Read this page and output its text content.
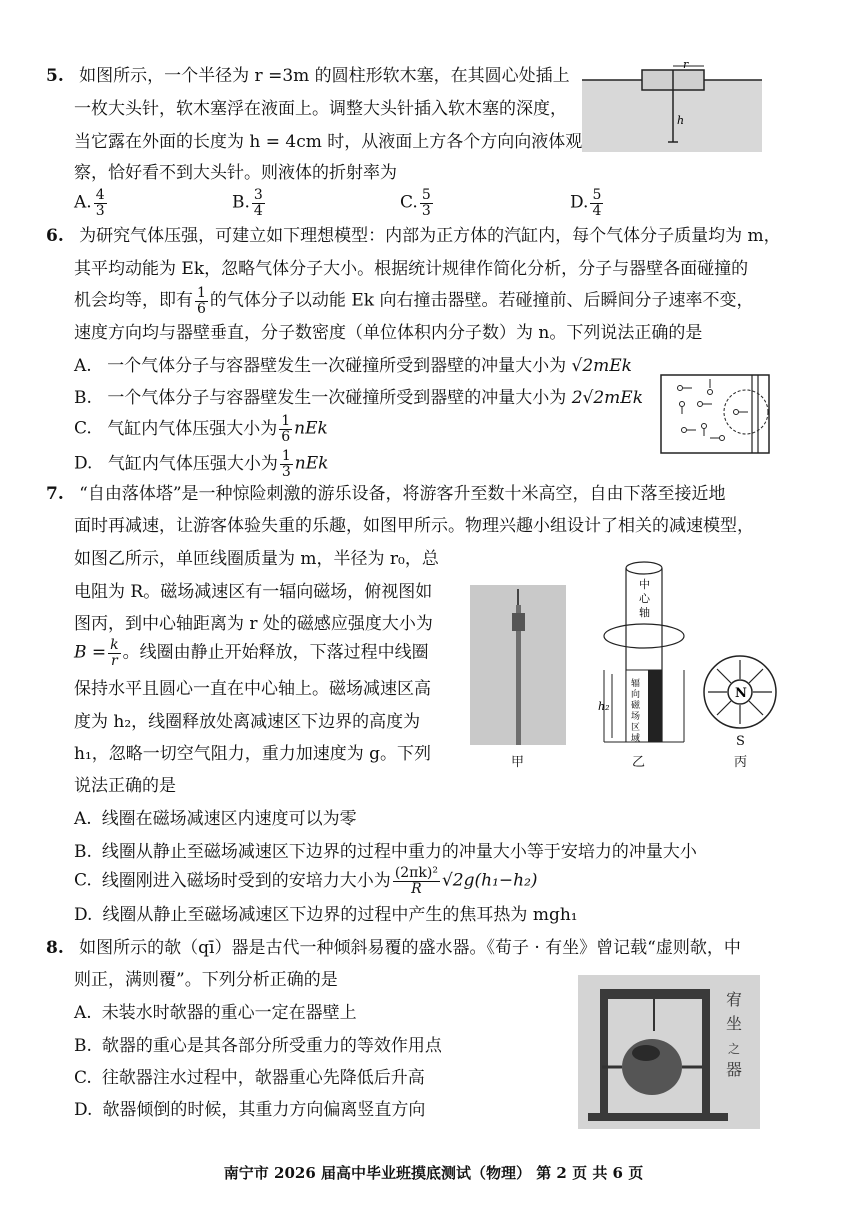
5. 如图所示，一个半径为 r =3m 的圆柱形软木塞，在其圆心处插上
一枚大头针，软木塞浮在液面上。调整大头针插入软木塞的深度，
当它露在外面的长度为 h = 4cm 时，从液面上方各个方向向液体观
察，恰好看不到大头针。则液体的折射率为
A. $\frac{4}{3}$	B. $\frac{3}{4}$	C. $\frac{5}{3}$	D. $\frac{5}{4}$
r
h
6. 为研究气体压强，可建立如下理想模型：内部为正方体的汽缸内，每个气体分子质量均为 m，
其平均动能为 Ek，忽略气体分子大小。根据统计规律作简化分析，分子与器壁各面碰撞的
机会均等，即有 $\frac{1}{6}$ 的气体分子以动能 Ek 向右撞击器壁。若碰撞前、后瞬间分子速率不变，
速度方向均与器壁垂直，分子数密度（单位体积内分子数）为 n。下列说法正确的是
A. 一个气体分子与容器壁发生一次碰撞所受到器壁的冲量大小为 √2mEk
B. 一个气体分子与容器壁发生一次碰撞所受到器壁的冲量大小为 2√2mEk
C. 气缸内气体压强大小为 $\frac{1}{6}$ nEk
D. 气缸内气体压强大小为 $\frac{1}{3}$ nEk
7. “自由落体塔”是一种惊险刺激的游乐设备，将游客升至数十米高空，自由下落至接近地
面时再减速，让游客体验失重的乐趣，如图甲所示。物理兴趣小组设计了相关的减速模型，
如图乙所示，单匝线圈质量为 m，半径为 r₀，总
电阻为 R。磁场减速区有一辐向磁场，俯视图如
图丙，到中心轴距离为 r 处的磁感应强度大小为
$B = \frac{k}{r}$ 。线圈由静止开始释放，下落过程中线圈
保持水平且圆心一直在中心轴上。磁场减速区高
度为 h₂，线圈释放处离减速区下边界的高度为
h₁，忽略一切空气阻力，重力加速度为 g。下列
说法正确的是
甲
中
心
轴
h₂
辐
向
磁
场
区
域
乙
N
S
丙
A. 线圈在磁场减速区内速度可以为零
B. 线圈从静止至磁场减速区下边界的过程中重力的冲量大小等于安培力的冲量大小
C. 线圈刚进入磁场时受到的安培力大小为 $\frac{\text{(2πk)²}}{R} √2g(h_1-h_2)$
D. 线圈从静止至磁场减速区下边界的过程中产生的焦耳热为 mgh₁
8. 如图所示的欹（qī）器是古代一种倾斜易覆的盛水器。《荀子 · 有坐》曾记载“虚则欹，中
则正，满则覆”。下列分析正确的是
A. 未装水时欹器的重心一定在器壁上
B. 欹器的重心是其各部分所受重力的等效作用点
C. 往欹器注水过程中，欹器重心先降低后升高
D. 欹器倾倒的时候，其重力方向偏离竖直方向
宥
坐
之
器
南宁市 2026 届高中毕业班摸底测试（物理） 第 2 页 共 6 页
